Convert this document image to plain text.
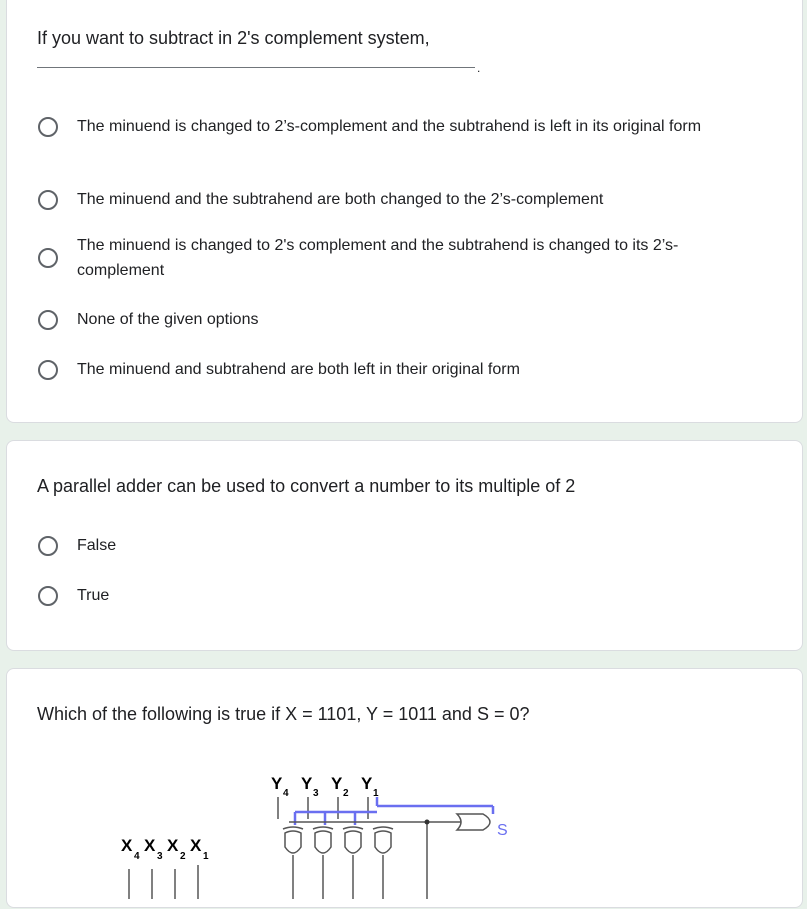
If you want to subtract in 2's complement system,
.
The minuend is changed to 2’s-complement and the subtrahend is left in its original form
The minuend and the subtrahend are both changed to the 2’s-complement
The minuend is changed to 2's complement and the subtrahend is changed to its 2’s-complement
None of the given options
The minuend and subtrahend are both left in their original form
A parallel adder can be used to convert a number to its multiple of 2
False
True
Which of the following is true if X = 1101, Y = 1011 and S = 0?
Y
4
Y
3
Y
2
Y
1
X
4
X
3
X
2
X
1
S
